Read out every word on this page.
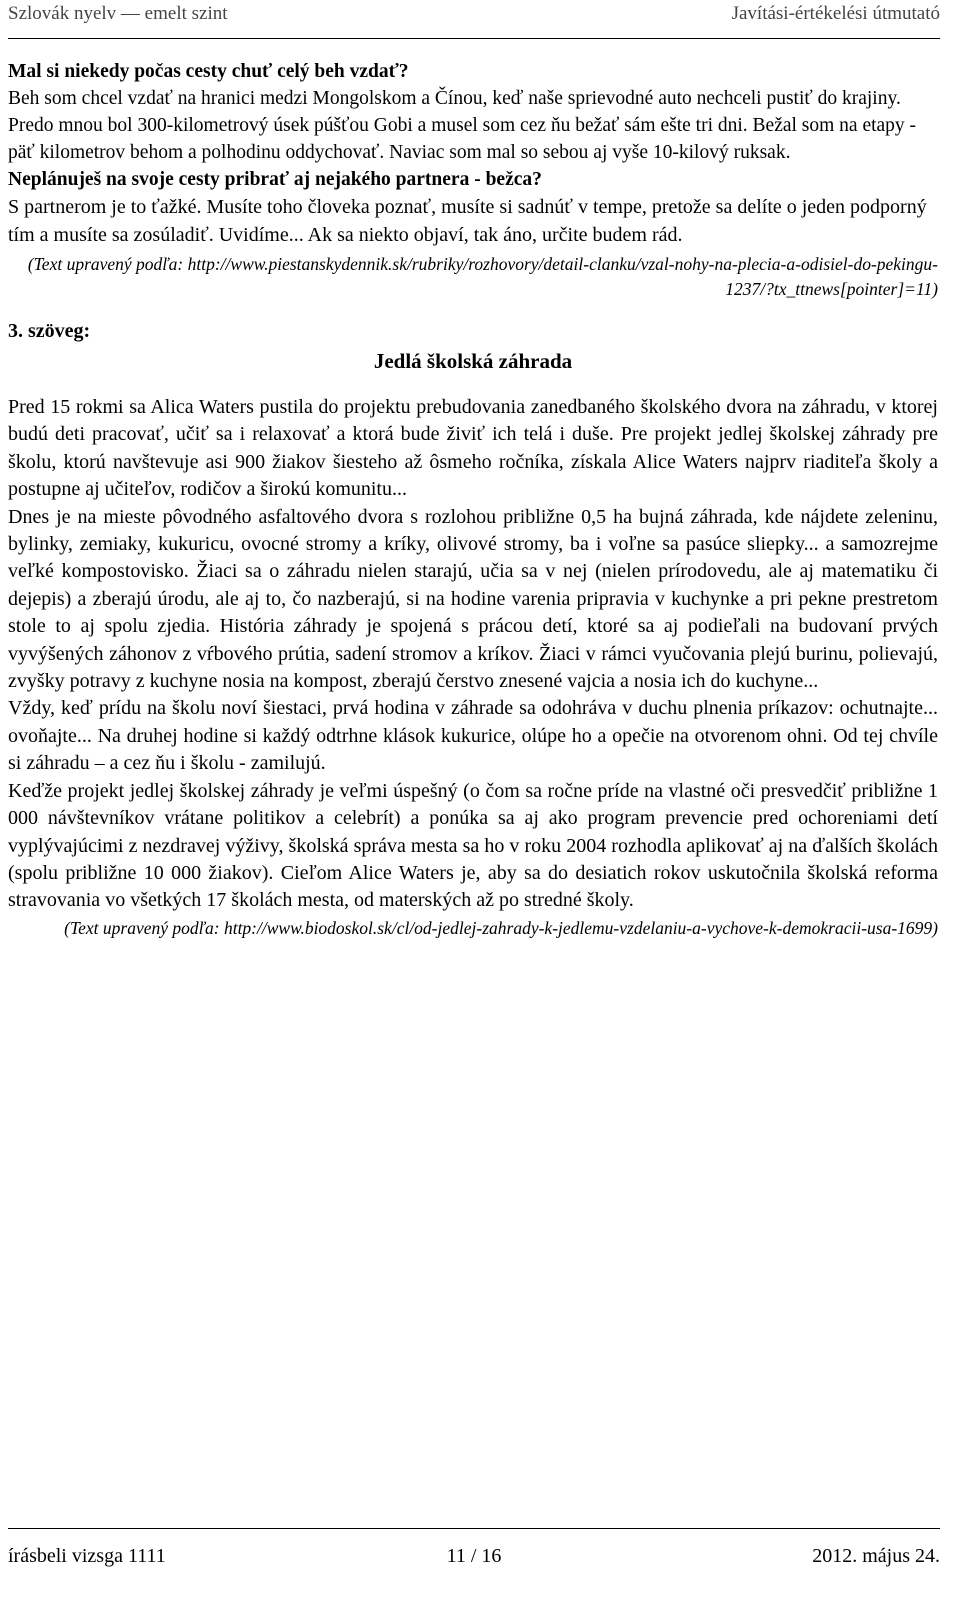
Szlovák nyelv — emelt szint	Javítási-értékelési útmutató

Mal si niekedy počas cesty chuť celý beh vzdať?

Beh som chcel vzdať na hranici medzi Mongolskom a Čínou, keď naše sprievodné auto nechceli pustiť do krajiny. Predo mnou bol 300-kilometrový úsek púšťou Gobi a musel som cez ňu bežať sám ešte tri dni. Bežal som na etapy - päť kilometrov behom a polhodinu oddychovať. Naviac som mal so sebou aj vyše 10-kilový ruksak.

Neplánuješ na svoje cesty pribrať aj nejakého partnera - bežca?

S partnerom je to ťažké. Musíte toho človeka poznať, musíte si sadnúť v tempe, pretože sa delíte o jeden podporný tím a musíte sa zosúladiť. Uvidíme... Ak sa niekto objaví, tak áno, určite budem rád.

(Text upravený podľa: http://www.piestanskydennik.sk/rubriky/rozhovory/detail-clanku/vzal-nohy-na-plecia-a-odisiel-do-pekingu-1237/?tx_ttnews[pointer]=11)

3. szöveg:

Jedlá školská záhrada

Pred 15 rokmi sa Alica Waters pustila do projektu prebudovania zanedbaného školského dvora na záhradu, v ktorej budú deti pracovať, učiť sa i relaxovať a ktorá bude živiť ich telá i duše. Pre projekt jedlej školskej záhrady pre školu, ktorú navštevuje asi 900 žiakov šiesteho až ôsmeho ročníka, získala Alice Waters najprv riaditeľa školy a postupne aj učiteľov, rodičov a širokú komunitu...

Dnes je na mieste pôvodného asfaltového dvora s rozlohou približne 0,5 ha bujná záhrada, kde nájdete zeleninu, bylinky, zemiaky, kukuricu, ovocné stromy a kríky, olivové stromy, ba i voľne sa pasúce sliepky... a samozrejme veľké kompostovisko. Žiaci sa o záhradu nielen starajú, učia sa v nej (nielen prírodovedu, ale aj matematiku či dejepis) a zberajú úrodu, ale aj to, čo nazberajú, si na hodine varenia pripravia v kuchynke a pri pekne prestretom stole to aj spolu zjedia. História záhrady je spojená s prácou detí, ktoré sa aj podieľali na budovaní prvých vyvýšených záhonov z vŕbového prútia, sadení stromov a kríkov. Žiaci v rámci vyučovania plejú burinu, polievajú, zvyšky potravy z kuchyne nosia na kompost, zberajú čerstvo znesené vajcia a nosia ich do kuchyne...

Vždy, keď prídu na školu noví šiestaci, prvá hodina v záhrade sa odohráva v duchu plnenia príkazov: ochutnajte... ovoňajte... Na druhej hodine si každý odtrhne klások kukurice, olúpe ho a opečie na otvorenom ohni. Od tej chvíle si záhradu – a cez ňu i školu - zamilujú.

Keďže projekt jedlej školskej záhrady je veľmi úspešný (o čom sa ročne príde na vlastné oči presvedčiť približne 1 000 návštevníkov vrátane politikov a celebrít) a ponúka sa aj ako program prevencie pred ochoreniami detí vyplývajúcimi z nezdravej výživy, školská správa mesta sa ho v roku 2004 rozhodla aplikovať aj na ďalších školách (spolu približne 10 000 žiakov). Cieľom Alice Waters je, aby sa do desiatich rokov uskutočnila školská reforma stravovania vo všetkých 17 školách mesta, od materských až po stredné školy.

(Text upravený podľa: http://www.biodoskol.sk/cl/od-jedlej-zahrady-k-jedlemu-vzdelaniu-a-vychove-k-demokracii-usa-1699)

írásbeli vizsga 1111	11 / 16	2012. május 24.
